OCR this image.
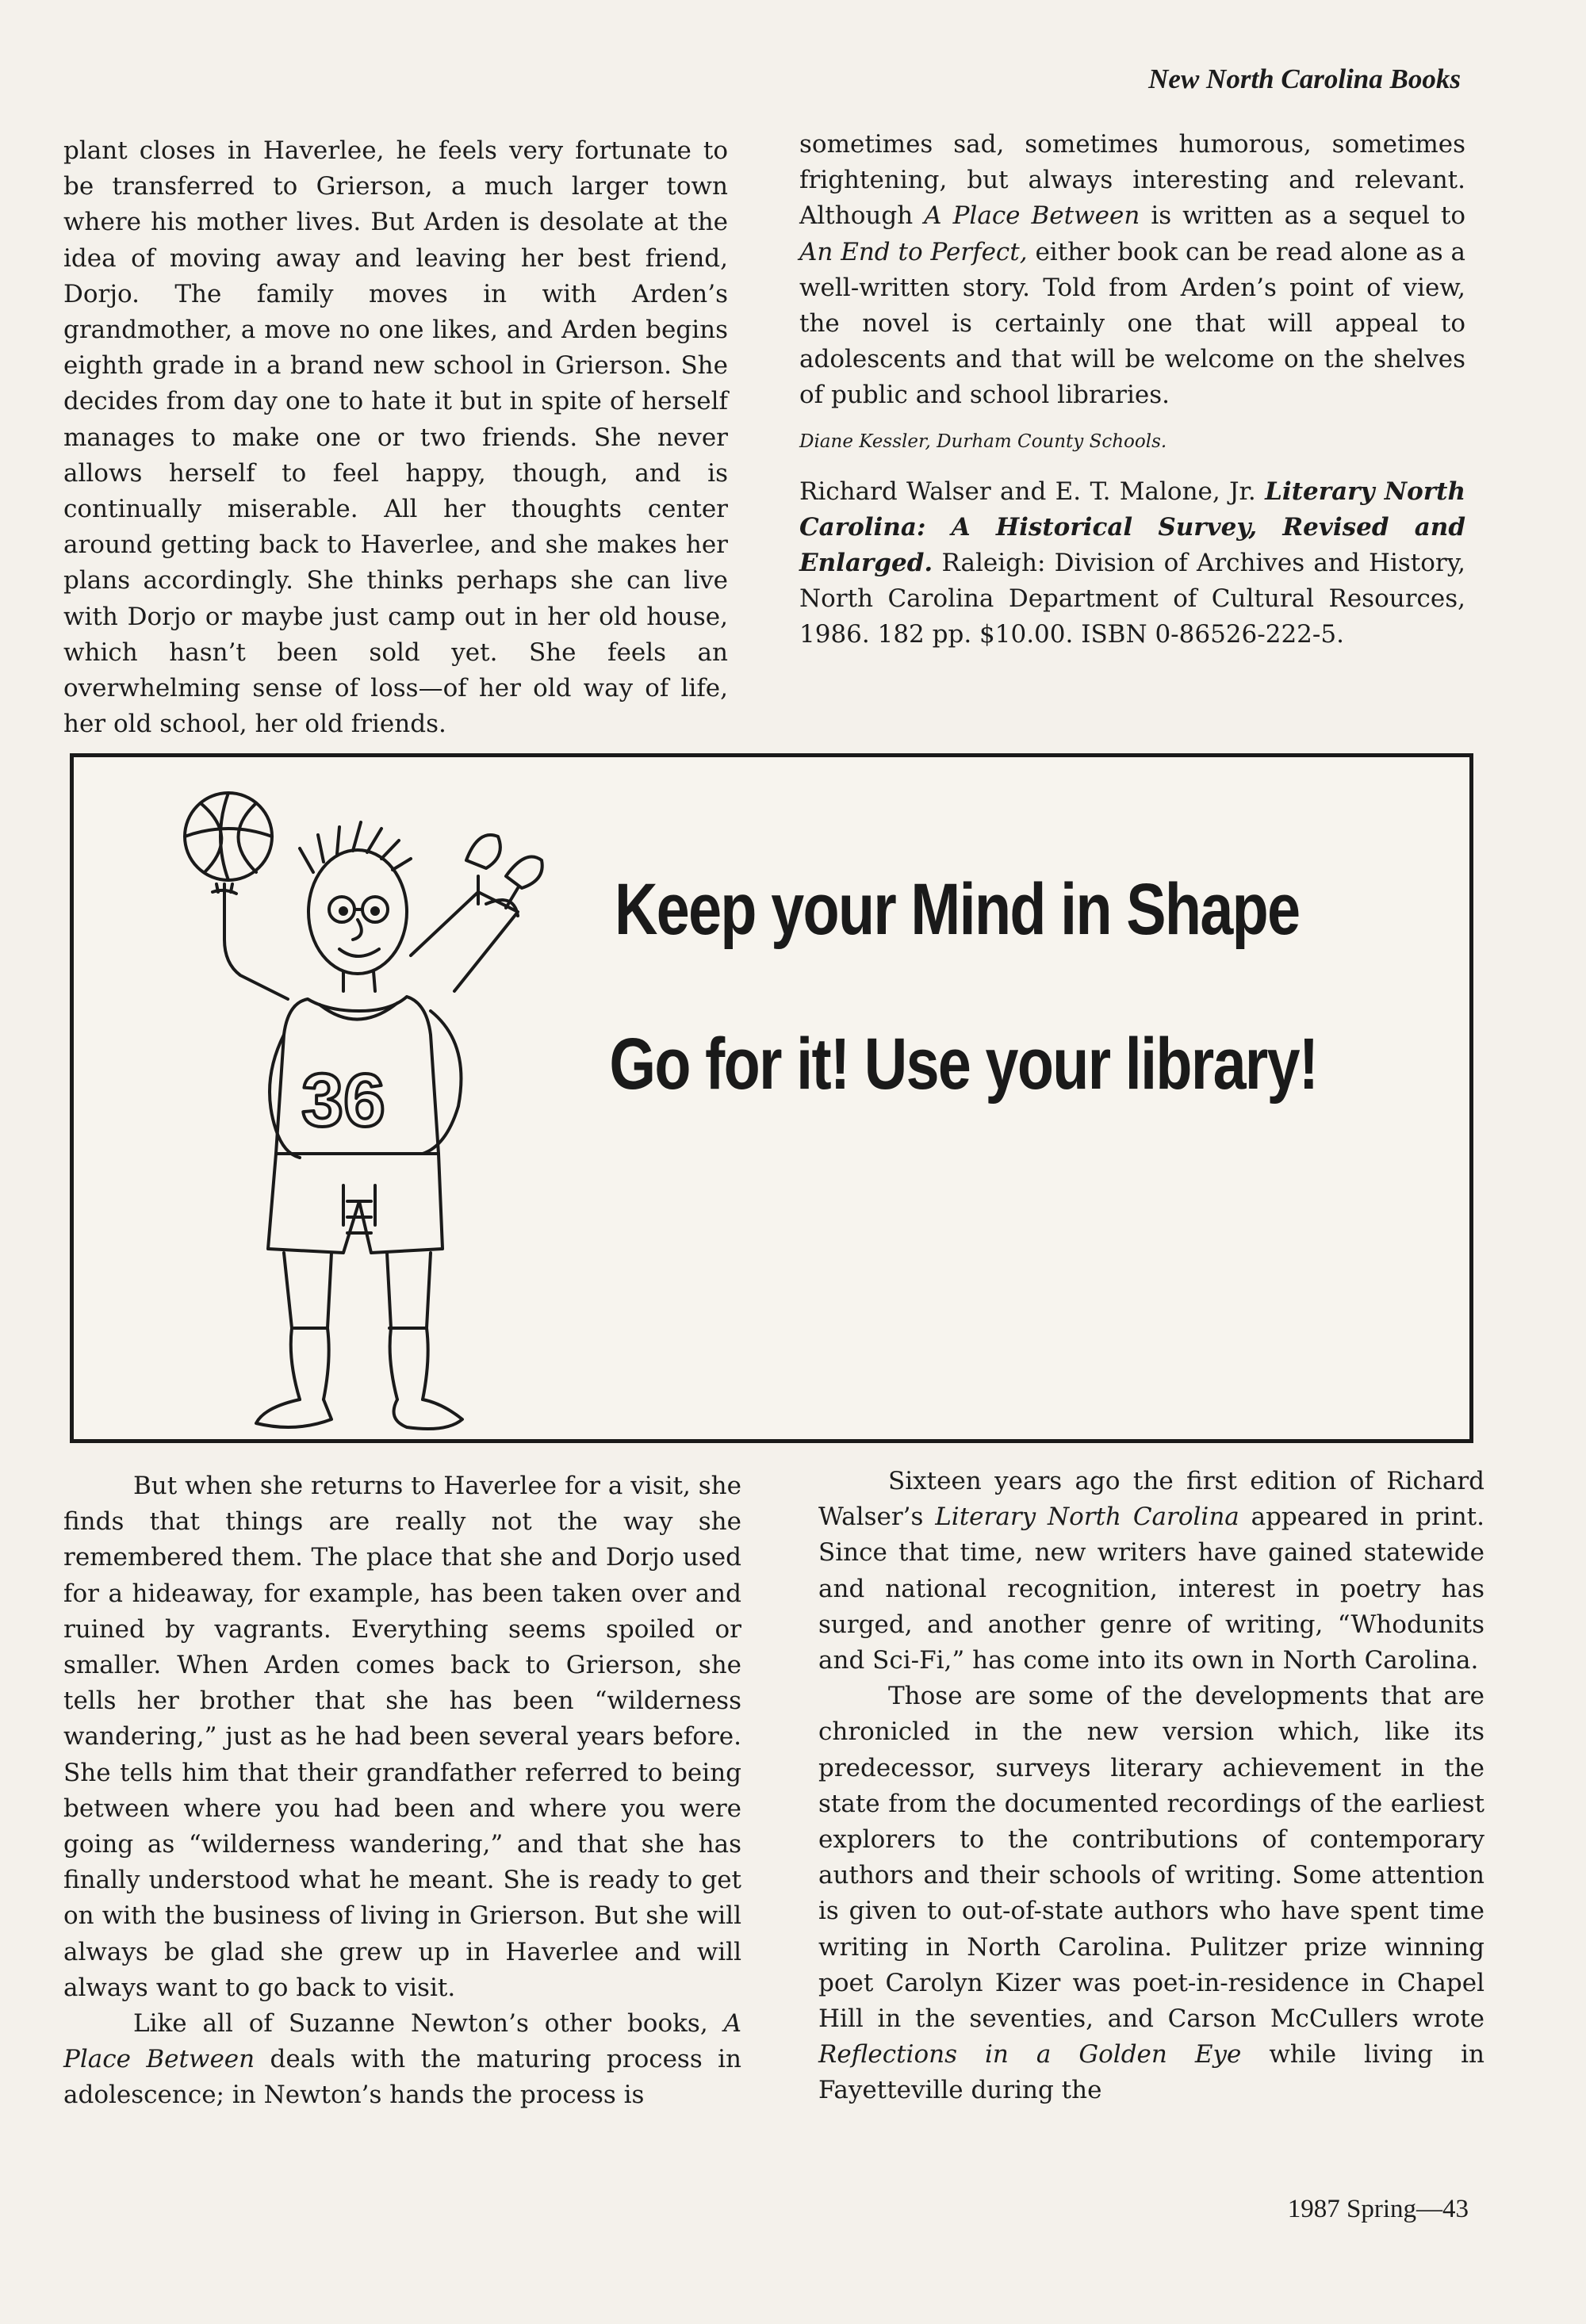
New North Carolina Books

plant closes in Haverlee, he feels very fortunate to be transferred to Grierson, a much larger town where his mother lives. But Arden is desolate at the idea of moving away and leaving her best friend, Dorjo. The family moves in with Arden’s grandmother, a move no one likes, and Arden begins eighth grade in a brand new school in Grierson. She decides from day one to hate it but in spite of herself manages to make one or two friends. She never allows herself to feel happy, though, and is continually miserable. All her thoughts center around getting back to Haverlee, and she makes her plans accordingly. She thinks perhaps she can live with Dorjo or maybe just camp out in her old house, which hasn’t been sold yet. She feels an overwhelming sense of loss—of her old way of life, her old school, her old friends.

sometimes sad, sometimes humorous, sometimes frightening, but always interesting and relevant. Although A Place Between is written as a sequel to An End to Perfect, either book can be read alone as a well-written story. Told from Arden’s point of view, the novel is certainly one that will appeal to adolescents and that will be welcome on the shelves of public and school libraries.

Diane Kessler, Durham County Schools.

Richard Walser and E. T. Malone, Jr. Literary North Carolina: A Historical Survey, Revised and Enlarged. Raleigh: Division of Archives and History, North Carolina Department of Cultural Resources, 1986. 182 pp. $10.00. ISBN 0-86526-222-5.

36
Keep your Mind in Shape
Go for it! Use your library!

But when she returns to Haverlee for a visit, she finds that things are really not the way she remembered them. The place that she and Dorjo used for a hideaway, for example, has been taken over and ruined by vagrants. Everything seems spoiled or smaller. When Arden comes back to Grierson, she tells her brother that she has been “wilderness wandering,” just as he had been several years before. She tells him that their grandfather referred to being between where you had been and where you were going as “wilderness wandering,” and that she has finally understood what he meant. She is ready to get on with the business of living in Grierson. But she will always be glad she grew up in Haverlee and will always want to go back to visit.

Like all of Suzanne Newton’s other books, A Place Between deals with the maturing process in adolescence; in Newton’s hands the process is

Sixteen years ago the first edition of Richard Walser’s Literary North Carolina appeared in print. Since that time, new writers have gained statewide and national recognition, interest in poetry has surged, and another genre of writing, “Whodunits and Sci-Fi,” has come into its own in North Carolina.

Those are some of the developments that are chronicled in the new version which, like its predecessor, surveys literary achievement in the state from the documented recordings of the earliest explorers to the contributions of contemporary authors and their schools of writing. Some attention is given to out-of-state authors who have spent time writing in North Carolina. Pulitzer prize winning poet Carolyn Kizer was poet-in-residence in Chapel Hill in the seventies, and Carson McCullers wrote Reflections in a Golden Eye while living in Fayetteville during the

1987 Spring—43
